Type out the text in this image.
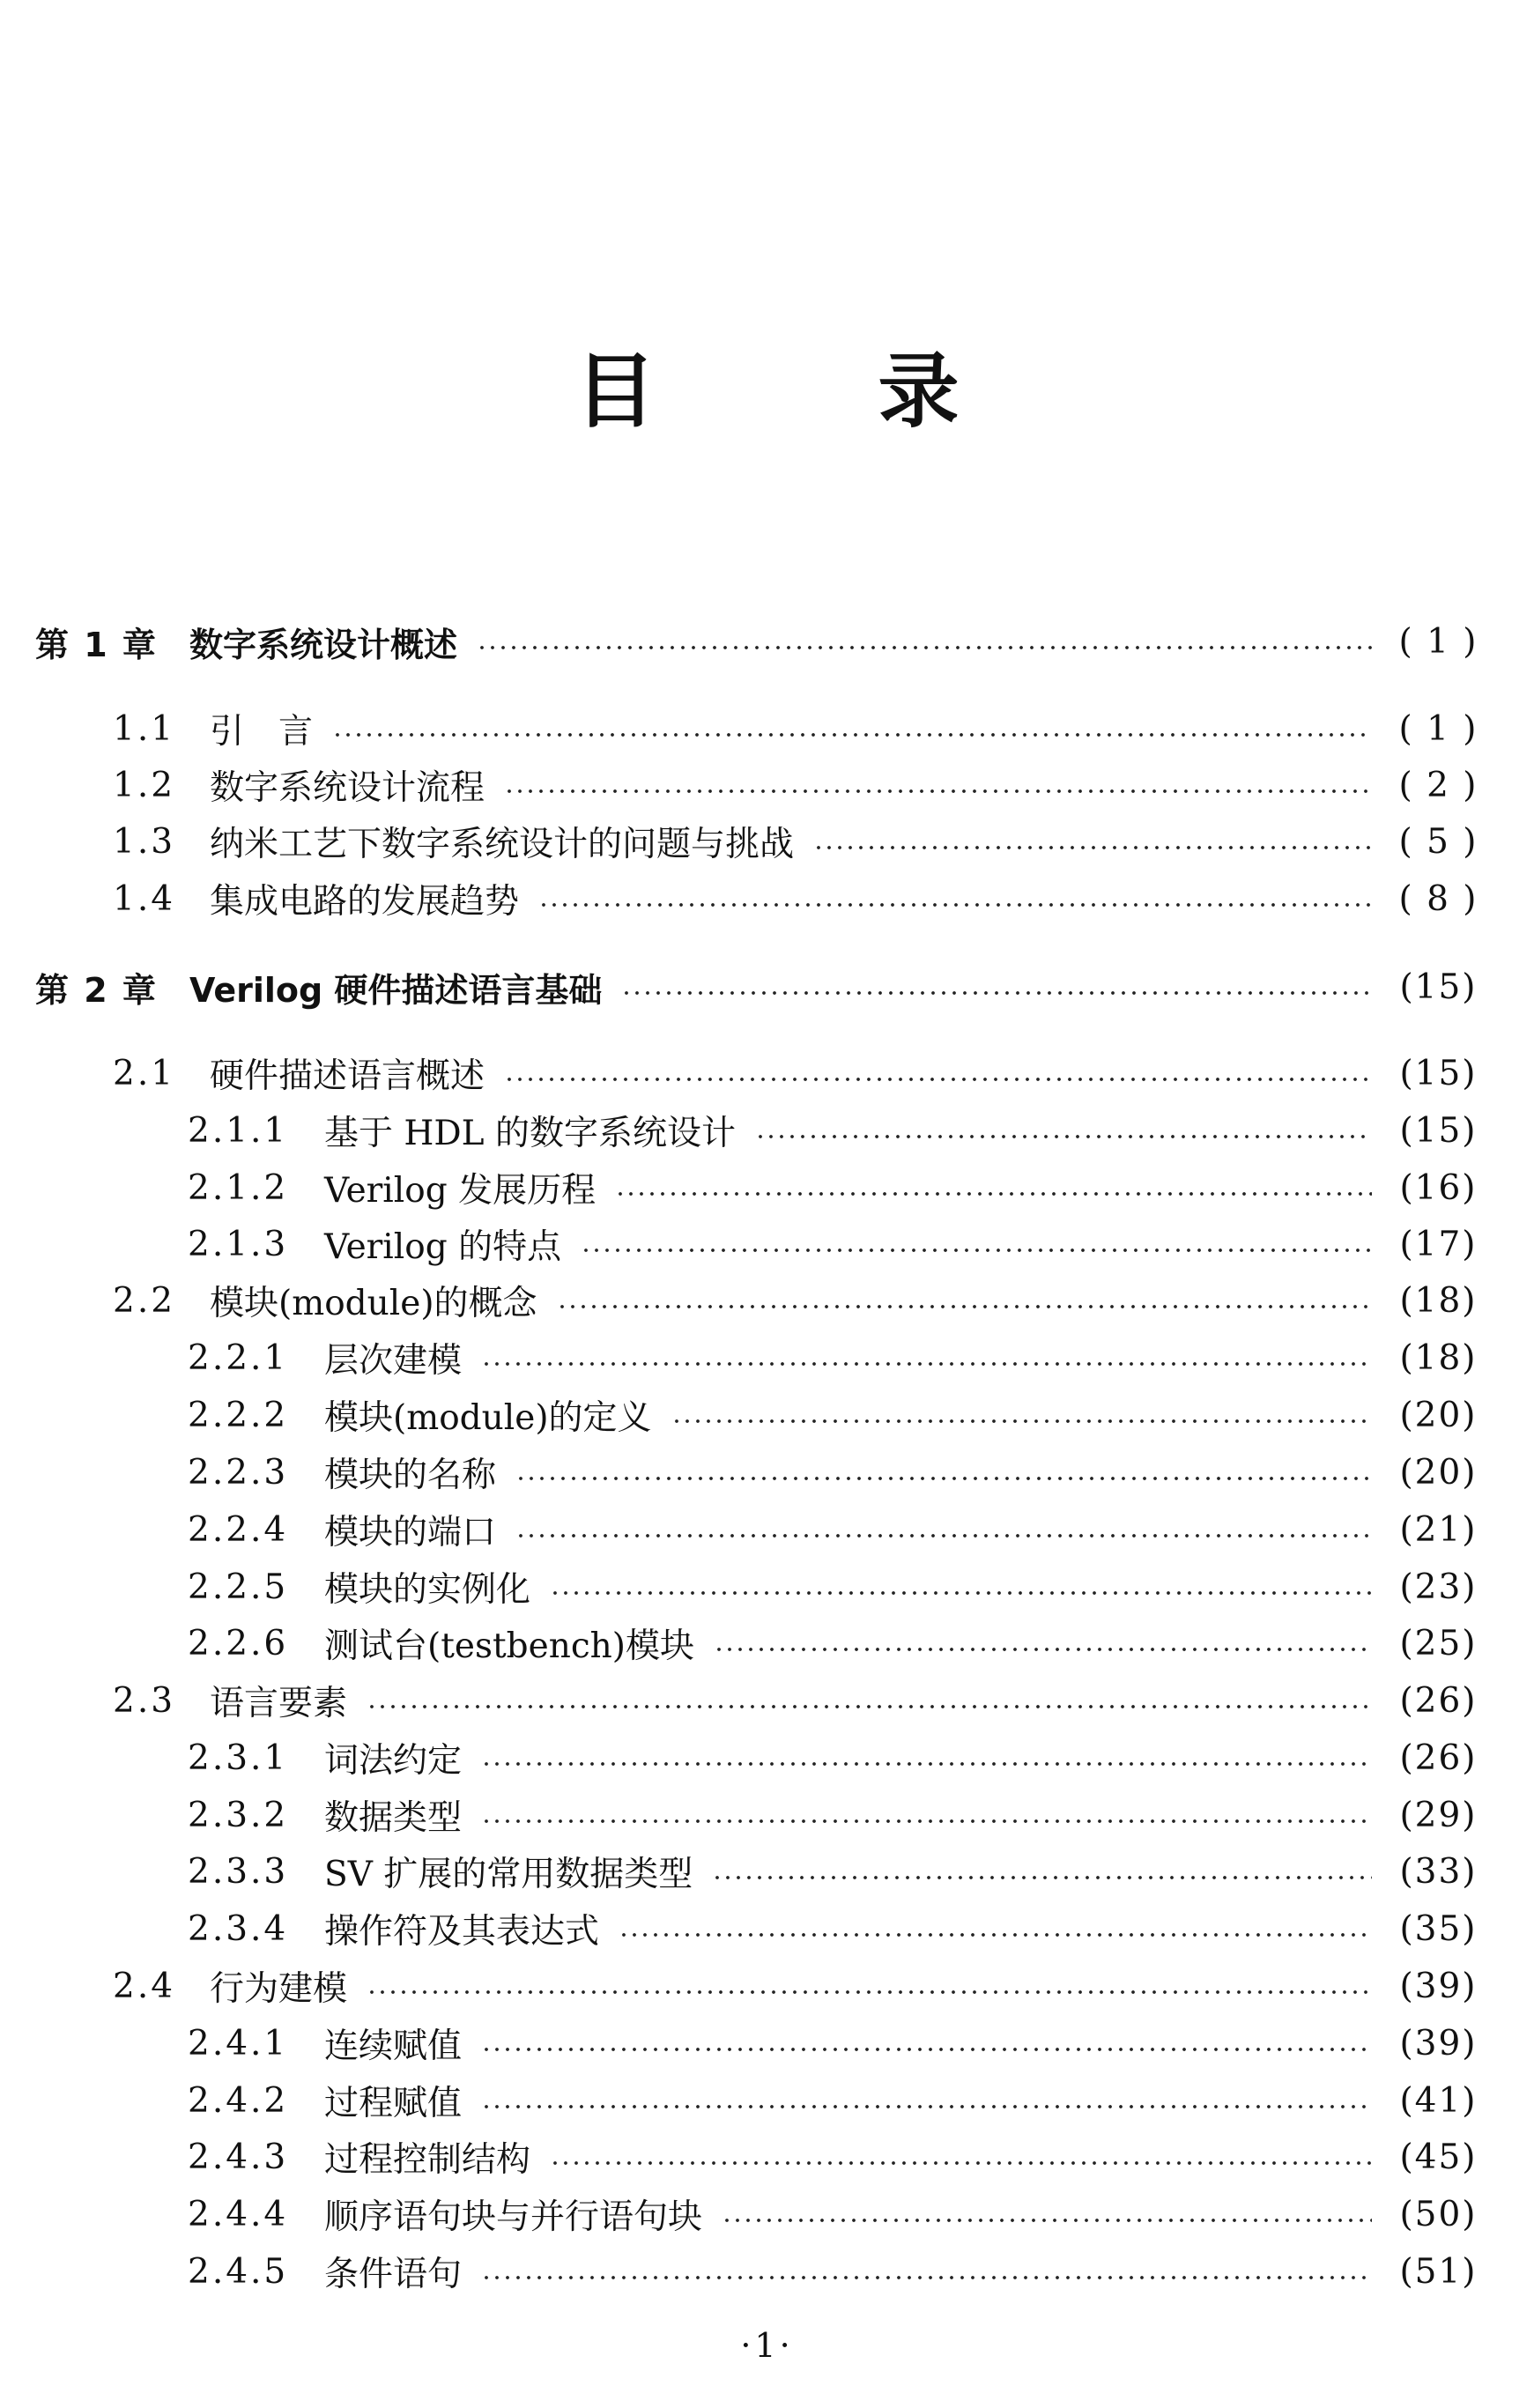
目 录
第 1 章 数字系统设计概述	( 1 )
1.1 引　言	( 1 )
1.2 数字系统设计流程	( 2 )
1.3 纳米工艺下数字系统设计的问题与挑战	( 5 )
1.4 集成电路的发展趋势	( 8 )
第 2 章 Verilog 硬件描述语言基础	(15)
2.1 硬件描述语言概述	(15)
2.1.1	基于 HDL 的数字系统设计	(15)
2.1.2	Verilog 发展历程	(16)
2.1.3	Verilog 的特点	(17)
2.2 模块(module)的概念	(18)
2.2.1	层次建模	(18)
2.2.2	模块(module)的定义	(20)
2.2.3	模块的名称	(20)
2.2.4	模块的端口	(21)
2.2.5	模块的实例化	(23)
2.2.6	测试台(testbench)模块	(25)
2.3 语言要素	(26)
2.3.1	词法约定	(26)
2.3.2	数据类型	(29)
2.3.3	SV 扩展的常用数据类型	(33)
2.3.4	操作符及其表达式	(35)
2.4 行为建模	(39)
2.4.1	连续赋值	(39)
2.4.2	过程赋值	(41)
2.4.3	过程控制结构	(45)
2.4.4	顺序语句块与并行语句块	(50)
2.4.5	条件语句	(51)
·1·
